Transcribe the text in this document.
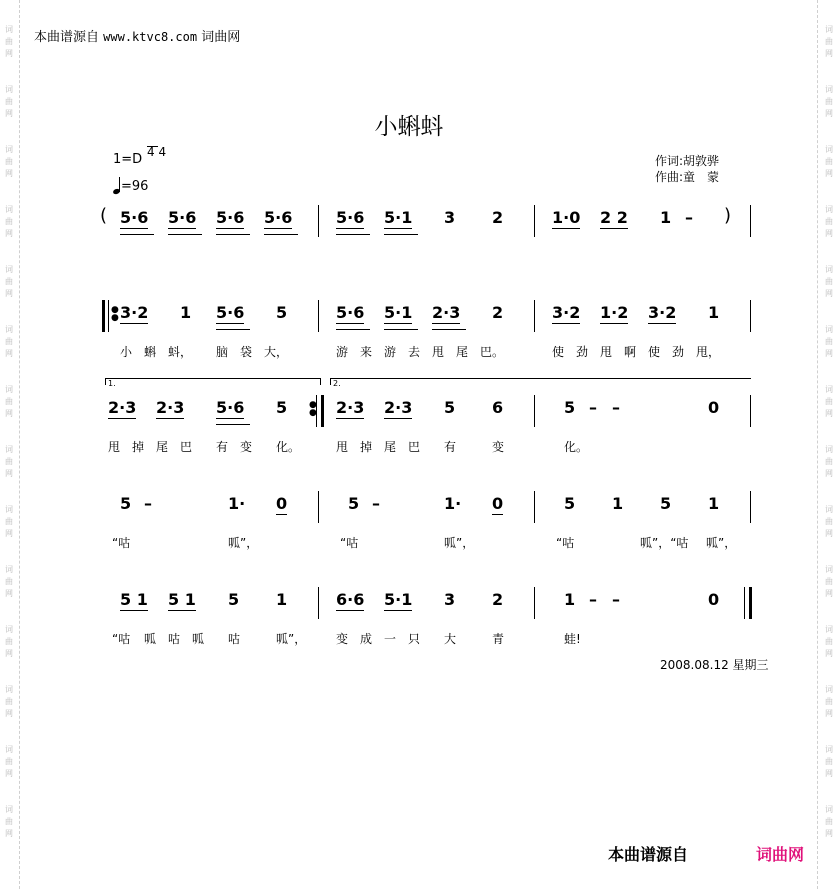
词
曲
网
词
曲
网
词
曲
网
词
曲
网
词
曲
网
词
曲
网
词
曲
网
词
曲
网
词
曲
网
词
曲
网
词
曲
网
词
曲
网
词
曲
网
词
曲
网
词
曲
网
词
曲
网
词
曲
网
词
曲
网
词
曲
网
词
曲
网
词
曲
网
词
曲
网
词
曲
网
词
曲
网
词
曲
网
词
曲
网
词
曲
网
词
曲
网
本曲谱源自 www.ktvc8.com 词曲网
小蝌蚪
1=D 4 4
=96
作词:胡敦骅
作曲:童　蒙
( 5·6 5·6 5·6 5·6	5·6 5·1 3 2	1·0 2 2 1 – )
●
● 3·2 1 5·6 5	5·6 5·1 2·3 2	3·2 1·2 3·2 1
小 蝌 蚪， 脑 袋 大，	游 来 游 去 甩 尾 巴。	使 劲 甩 啊 使 劲 甩，
1.	2.
2·3 2·3 5·6 5 ●
● 2·3 2·3 5 6	5 – –	0
甩 掉 尾 巴 有 变 化。	甩 掉 尾 巴 有	变	化。
5 –	1· 0	5 –	1· 0	5 1 5 1
“咕	呱”，	“咕	呱”，	“咕	呱”，“咕 呱”，
5 1 5 1 5 1	6·6 5·1 3 2	1 – –	0
“咕 呱 咕 呱 咕	呱”， 变 成 一 只 大	青	蛙!
2008.08.12 星期三
本曲谱源自	词曲网
